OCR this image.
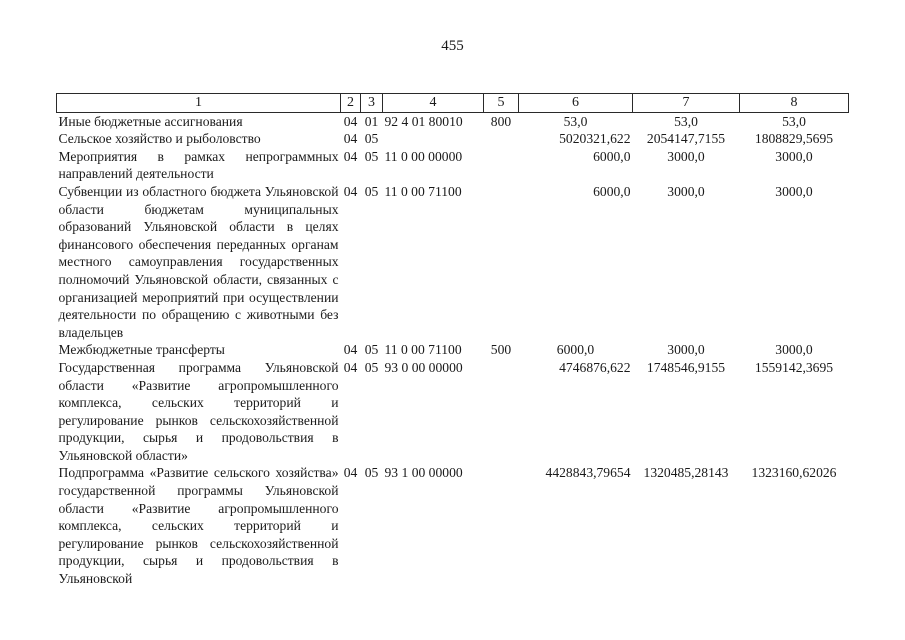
455
1	2	3	4	5	6	7	8
Иные бюджетные ассигнования	04	01	92 4 01 80010	800	53,0	53,0	53,0
Сельское хозяйство и рыболовство	04	05			5020321,622	2054147,7155	1808829,5695
Мероприятия в рамках непрограммных направлений деятельности	04	05	11 0 00 00000		6000,0	3000,0	3000,0
Субвенции из областного бюджета Ульяновской области бюджетам муниципальных образований Ульяновской области в целях финансового обеспечения переданных органам местного самоуправления государственных полномочий Ульяновской области, связанных с организацией мероприятий при осуществлении деятельности по обращению с животными без владельцев	04	05	11 0 00 71100		6000,0	3000,0	3000,0
Межбюджетные трансферты	04	05	11 0 00 71100	500	6000,0	3000,0	3000,0
Государственная программа Ульяновской области «Развитие агропромышленного комплекса, сельских территорий и регулирование рынков сельскохозяйственной продукции, сырья и продовольствия в Ульяновской области»	04	05	93 0 00 00000		4746876,622	1748546,9155	1559142,3695
Подпрограмма «Развитие сельского хозяйства» государственной программы Ульяновской области «Развитие агропромышленного комплекса, сельских территорий и регулирование рынков сельскохозяйственной продукции, сырья и продовольствия в Ульяновской	04	05	93 1 00 00000		4428843,79654	1320485,28143	1323160,62026
